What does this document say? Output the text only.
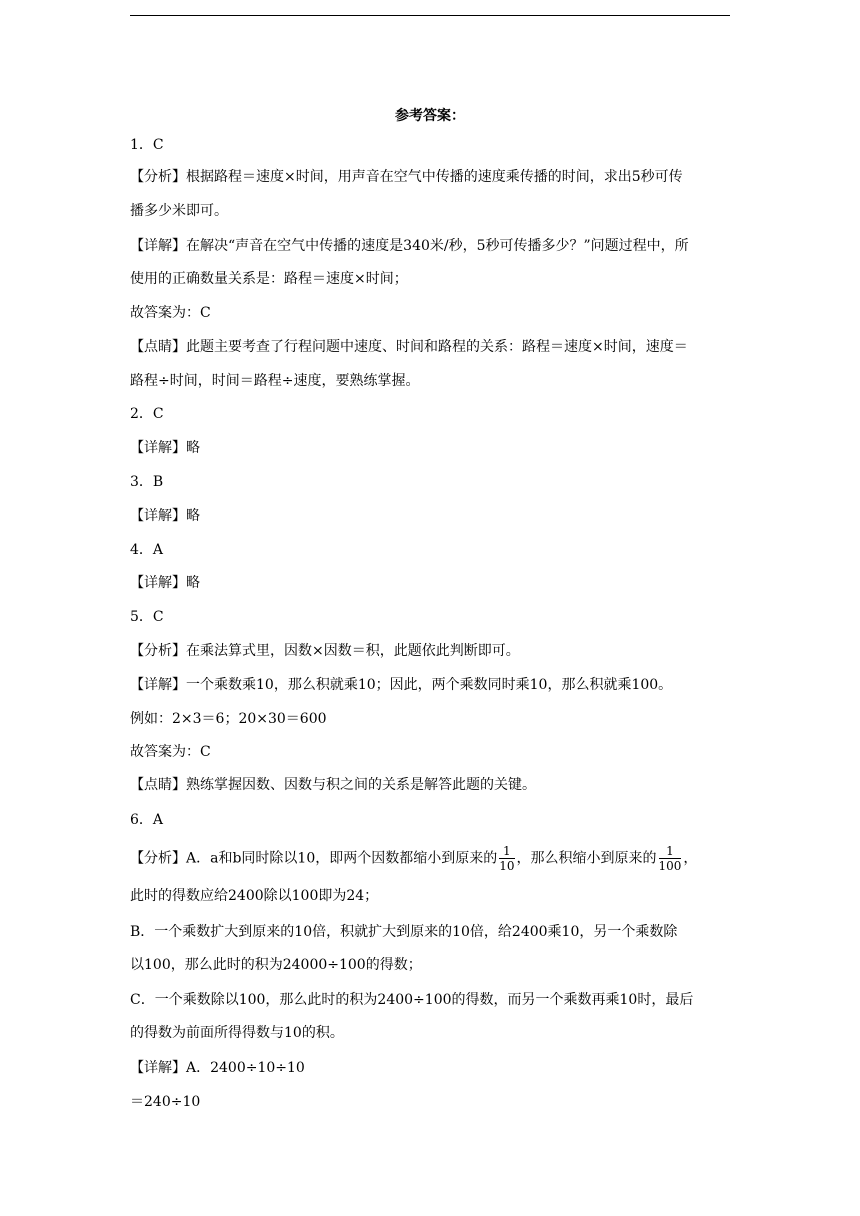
参考答案：
1．C
【分析】根据路程＝速度×时间，用声音在空气中传播的速度乘传播的时间，求出5秒可传
播多少米即可。
【详解】在解决“声音在空气中传播的速度是340米/秒，5秒可传播多少？”问题过程中，所
使用的正确数量关系是：路程＝速度×时间；
故答案为：C
【点睛】此题主要考查了行程问题中速度、时间和路程的关系：路程＝速度×时间，速度＝
路程÷时间，时间＝路程÷速度，要熟练掌握。
2．C
【详解】略
3．B
【详解】略
4．A
【详解】略
5．C
【分析】在乘法算式里，因数×因数＝积，此题依此判断即可。
【详解】一个乘数乘10，那么积就乘10；因此，两个乘数同时乘10，那么积就乘100。
例如：2×3＝6；20×30＝600
故答案为：C
【点睛】熟练掌握因数、因数与积之间的关系是解答此题的关键。
6．A
【分析】A．a和b同时除以10，即两个因数都缩小到原来的 $\frac{1}{10}$ ，那么积缩小到原来的 $\frac{1}{100}$ ，
此时的得数应给2400除以100即为24；
B．一个乘数扩大到原来的10倍，积就扩大到原来的10倍，给2400乘10，另一个乘数除
以100，那么此时的积为24000÷100的得数；
C．一个乘数除以100，那么此时的积为2400÷100的得数，而另一个乘数再乘10时，最后
的得数为前面所得得数与10的积。
【详解】A．2400÷10÷10
＝240÷10
